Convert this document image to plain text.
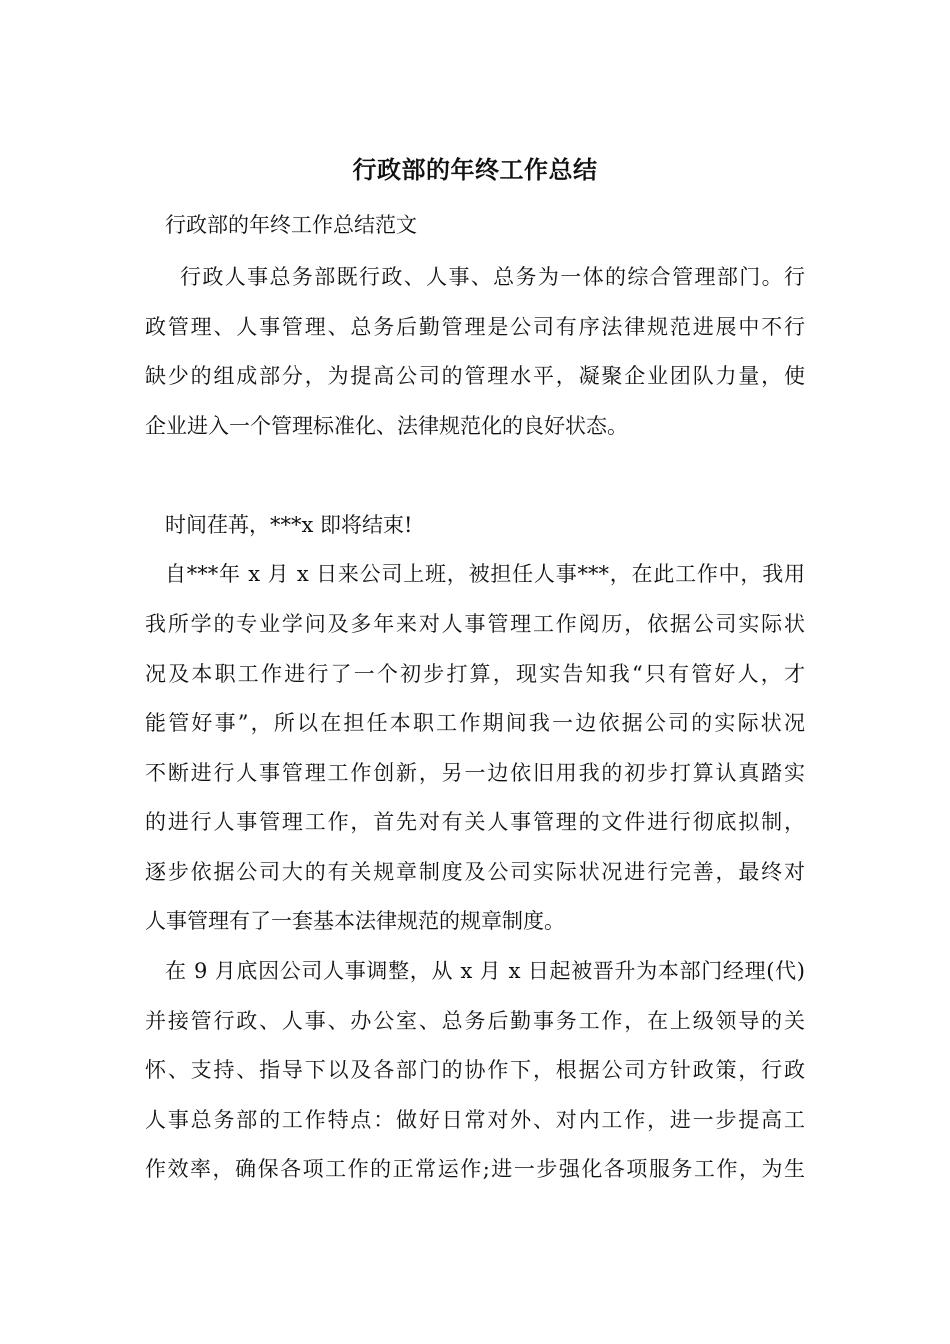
行政部的年终工作总结
行政部的年终工作总结范文
行政人事总务部既行政、人事、总务为一体的综合管理部门。行
政管理、人事管理、总务后勤管理是公司有序法律规范进展中不行
缺少的组成部分，为提高公司的管理水平，凝聚企业团队力量，使
企业进入一个管理标准化、法律规范化的良好状态。
时间荏苒，***x 即将结束!
自***年 x 月 x 日来公司上班，被担任人事***，在此工作中，我用
我所学的专业学问及多年来对人事管理工作阅历，依据公司实际状
况及本职工作进行了一个初步打算，现实告知我“只有管好人，才
能管好事”，所以在担任本职工作期间我一边依据公司的实际状况
不断进行人事管理工作创新，另一边依旧用我的初步打算认真踏实
的进行人事管理工作，首先对有关人事管理的文件进行彻底拟制，
逐步依据公司大的有关规章制度及公司实际状况进行完善，最终对
人事管理有了一套基本法律规范的规章制度。
在 9 月底因公司人事调整，从 x 月 x 日起被晋升为本部门经理(代)
并接管行政、人事、办公室、总务后勤事务工作，在上级领导的关
怀、支持、指导下以及各部门的协作下，根据公司方针政策，行政
人事总务部的工作特点：做好日常对外、对内工作，进一步提高工
作效率，确保各项工作的正常运作;进一步强化各项服务工作，为生
